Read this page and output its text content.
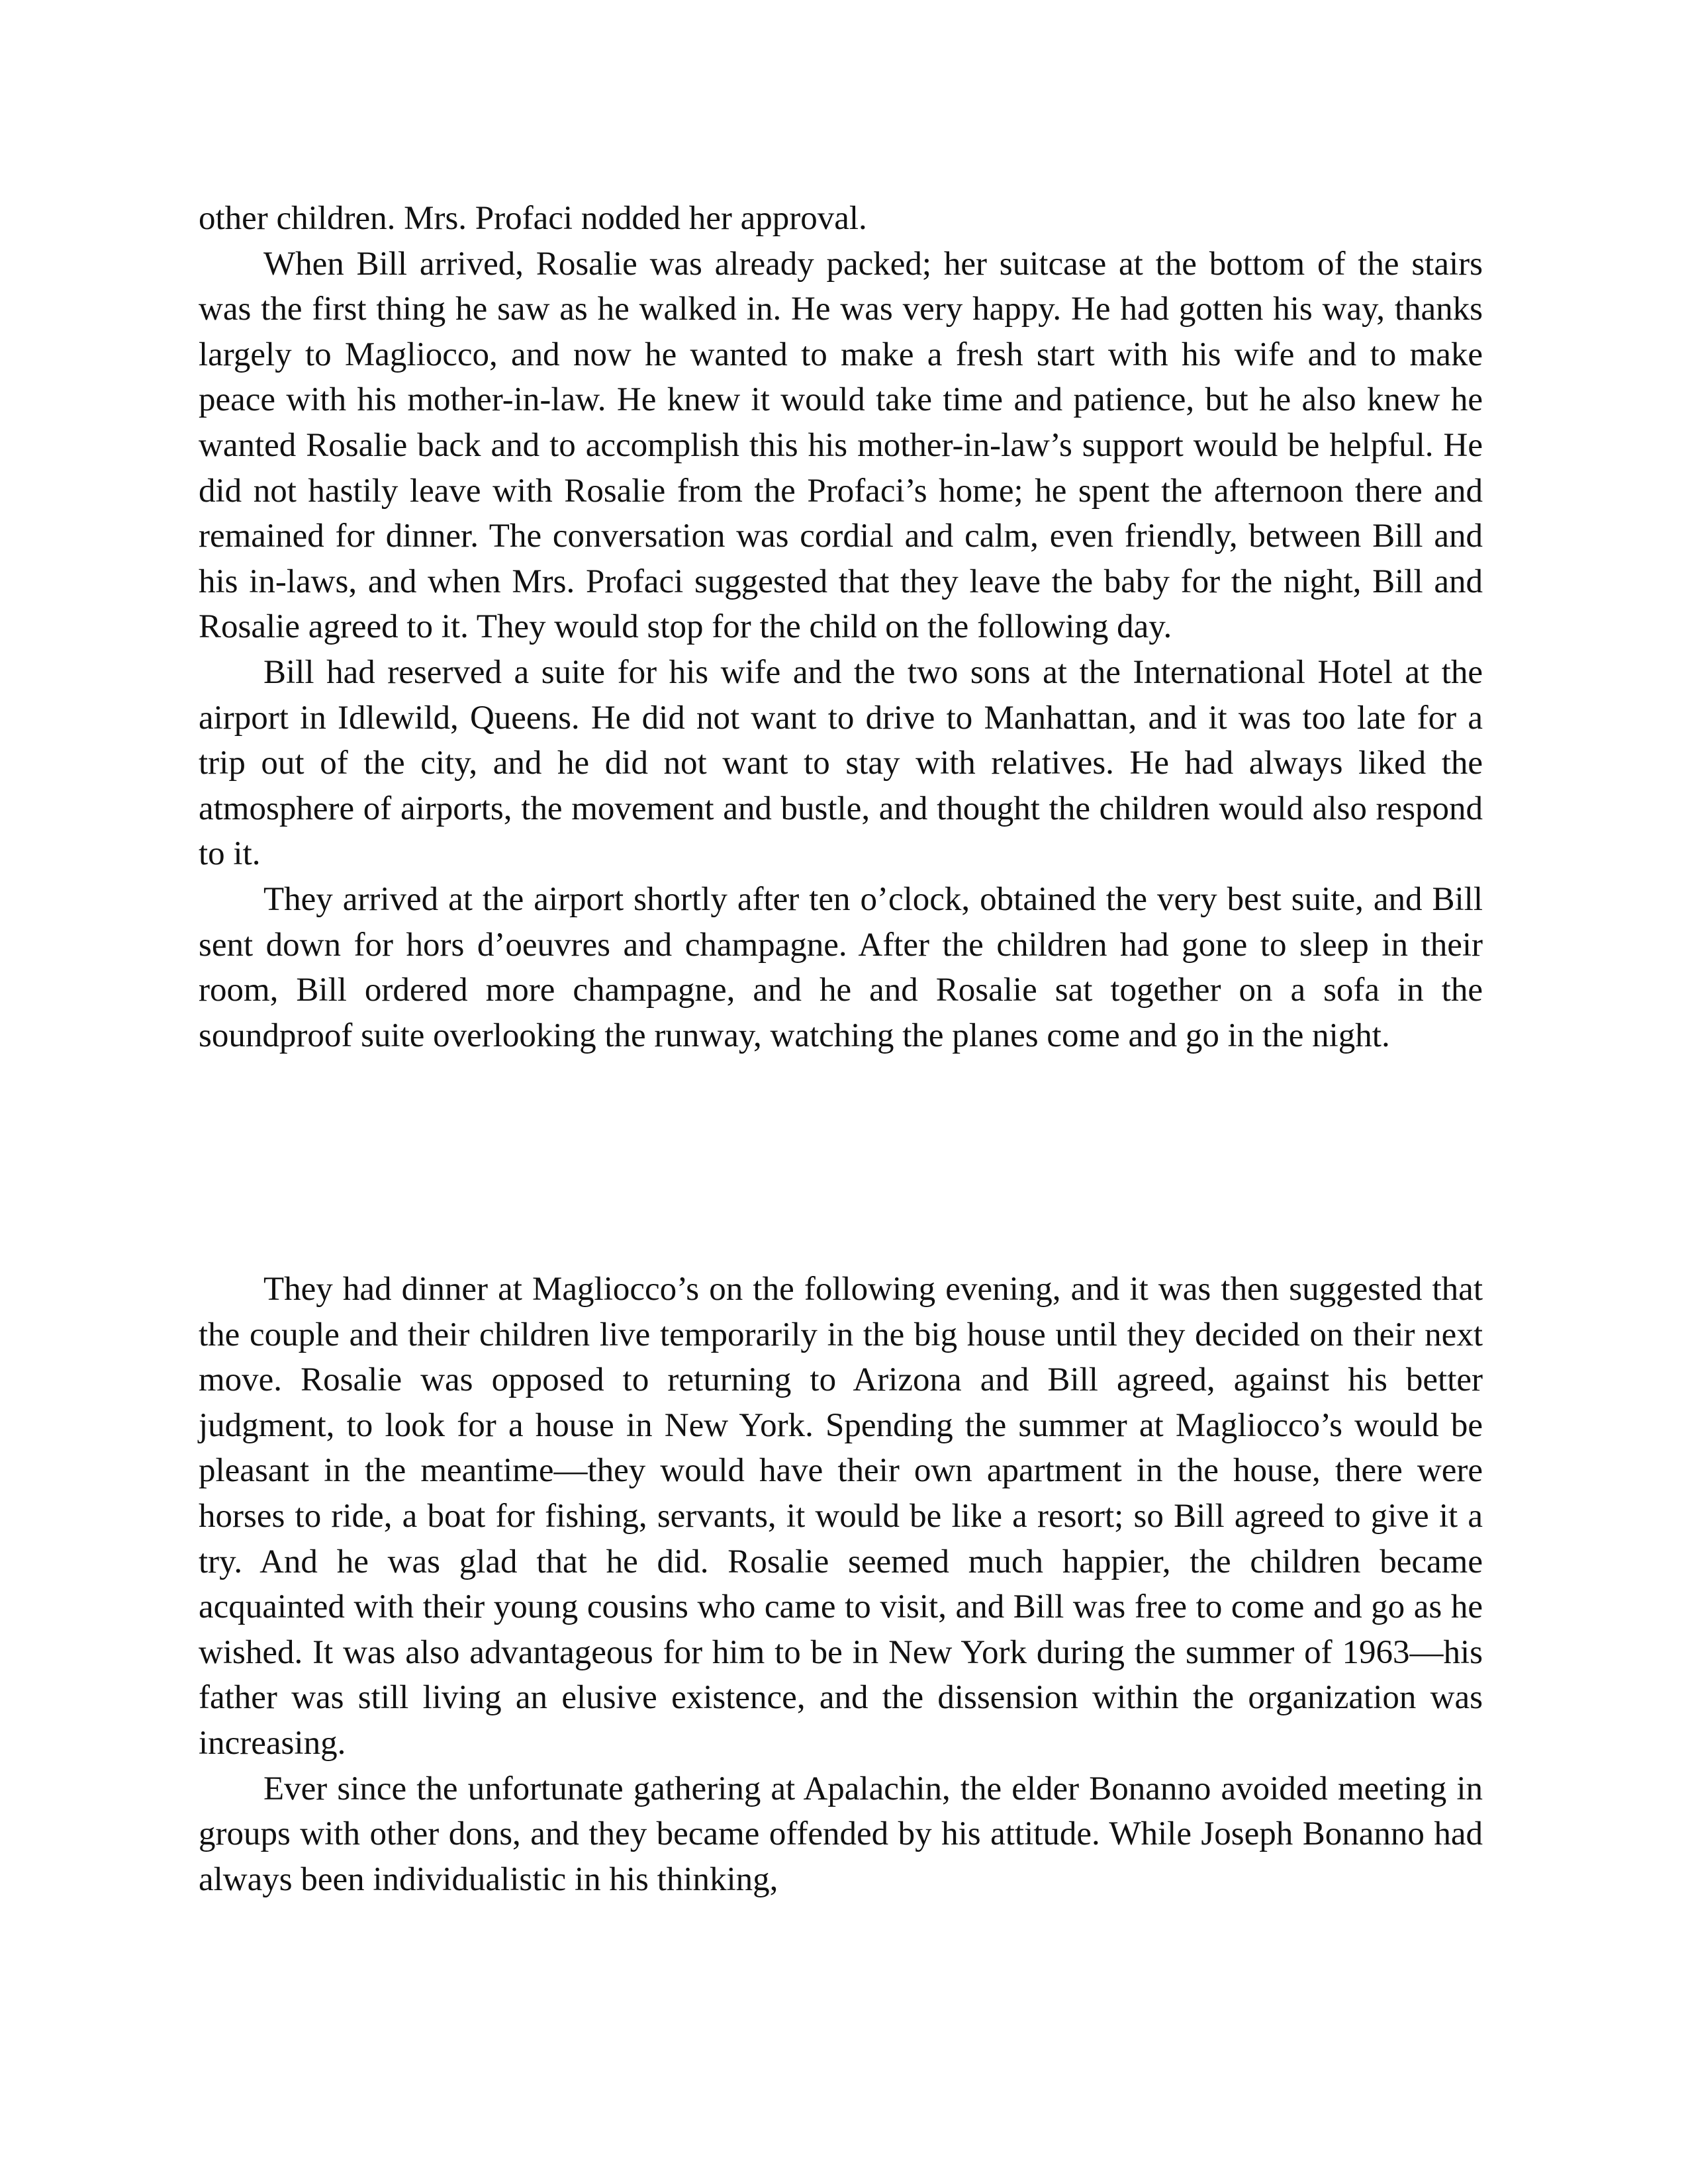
other children. Mrs. Profaci nodded her approval.

When Bill arrived, Rosalie was already packed; her suitcase at the bottom of the stairs was the first thing he saw as he walked in. He was very happy. He had gotten his way, thanks largely to Magliocco, and now he wanted to make a fresh start with his wife and to make peace with his mother-in-law. He knew it would take time and patience, but he also knew he wanted Rosalie back and to accomplish this his mother-in-law’s support would be helpful. He did not hastily leave with Rosalie from the Profaci’s home; he spent the afternoon there and remained for dinner. The conversation was cordial and calm, even friendly, between Bill and his in-laws, and when Mrs. Profaci suggested that they leave the baby for the night, Bill and Rosalie agreed to it. They would stop for the child on the following day.

Bill had reserved a suite for his wife and the two sons at the International Hotel at the airport in Idlewild, Queens. He did not want to drive to Manhattan, and it was too late for a trip out of the city, and he did not want to stay with relatives. He had always liked the atmosphere of airports, the movement and bustle, and thought the children would also respond to it.

They arrived at the airport shortly after ten o’clock, obtained the very best suite, and Bill sent down for hors d’oeuvres and champagne. After the children had gone to sleep in their room, Bill ordered more champagne, and he and Rosalie sat together on a sofa in the soundproof suite overlooking the runway, watching the planes come and go in the night.

They had dinner at Magliocco’s on the following evening, and it was then suggested that the couple and their children live temporarily in the big house until they decided on their next move. Rosalie was opposed to returning to Arizona and Bill agreed, against his better judgment, to look for a house in New York. Spending the summer at Magliocco’s would be pleasant in the meantime—they would have their own apartment in the house, there were horses to ride, a boat for fishing, servants, it would be like a resort; so Bill agreed to give it a try. And he was glad that he did. Rosalie seemed much happier, the children became acquainted with their young cousins who came to visit, and Bill was free to come and go as he wished. It was also advantageous for him to be in New York during the summer of 1963—his father was still living an elusive existence, and the dissension within the organization was increasing.

Ever since the unfortunate gathering at Apalachin, the elder Bonanno avoided meeting in groups with other dons, and they became offended by his attitude. While Joseph Bonanno had always been individualistic in his thinking,
